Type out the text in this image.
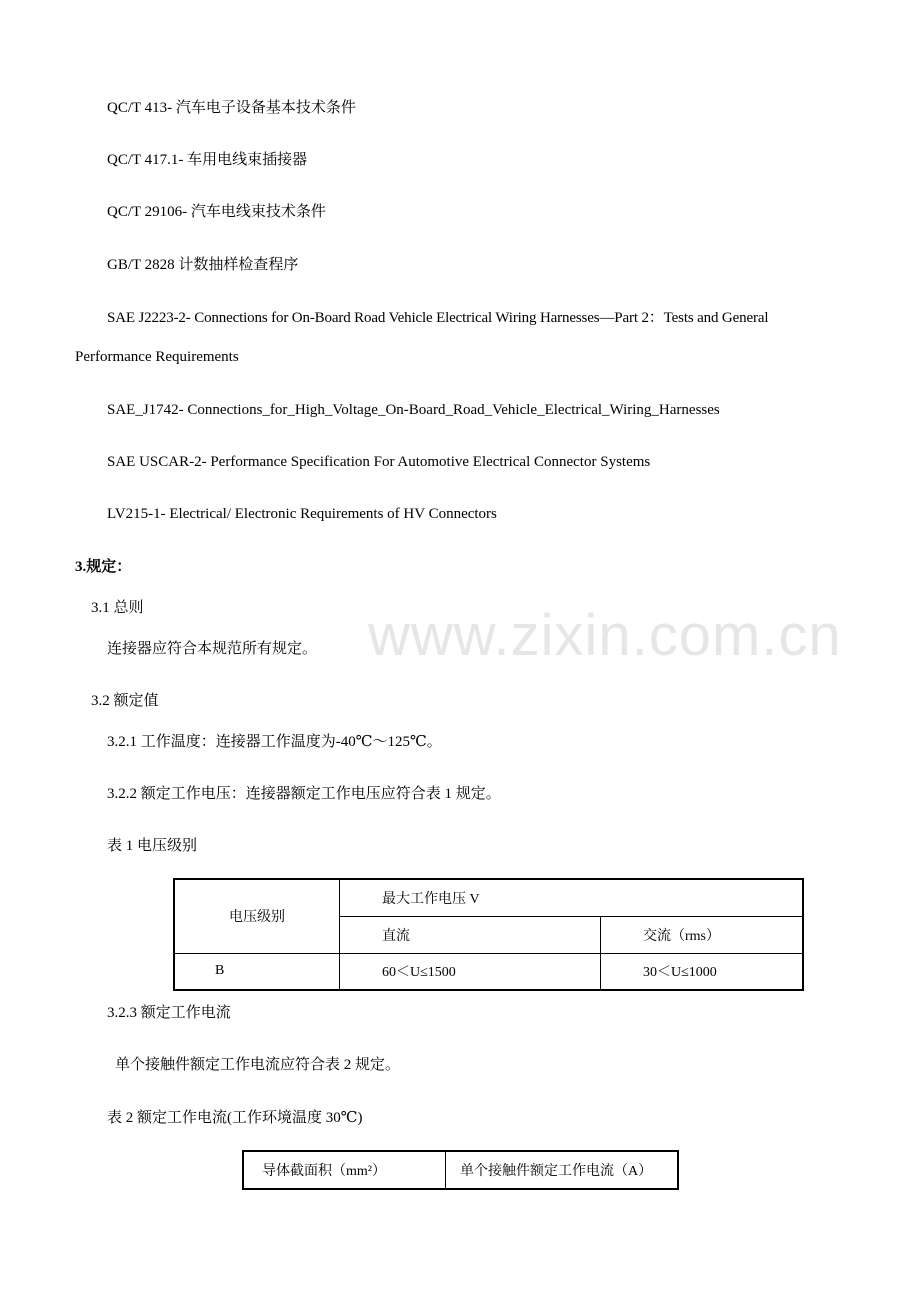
www.zixin.com.cn
QC/T 413- 汽车电子设备基本技术条件
QC/T 417.1- 车用电线束插接器
QC/T 29106- 汽车电线束技术条件
GB/T 2828 计数抽样检查程序
SAE J2223-2- Connections for On-Board Road Vehicle Electrical Wiring Harnesses—Part 2：Tests and General
Performance Requirements
SAE_J1742- Connections_for_High_Voltage_On-Board_Road_Vehicle_Electrical_Wiring_Harnesses
SAE USCAR-2- Performance Specification For Automotive Electrical Connector Systems
LV215-1- Electrical/ Electronic Requirements of HV Connectors
3.规定：
3.1 总则
连接器应符合本规范所有规定。
3.2 额定值
3.2.1 工作温度：连接器工作温度为-40℃～125℃。
3.2.2 额定工作电压：连接器额定工作电压应符合表 1 规定。
表 1 电压级别
电压级别	最大工作电压 V	
	直流	交流（rms）
B	60＜U≤1500	30＜U≤1000
3.2.3 额定工作电流
单个接触件额定工作电流应符合表 2 规定。
表 2 额定工作电流(工作环境温度 30℃)
导体截面积（mm²）	单个接触件额定工作电流（A）
